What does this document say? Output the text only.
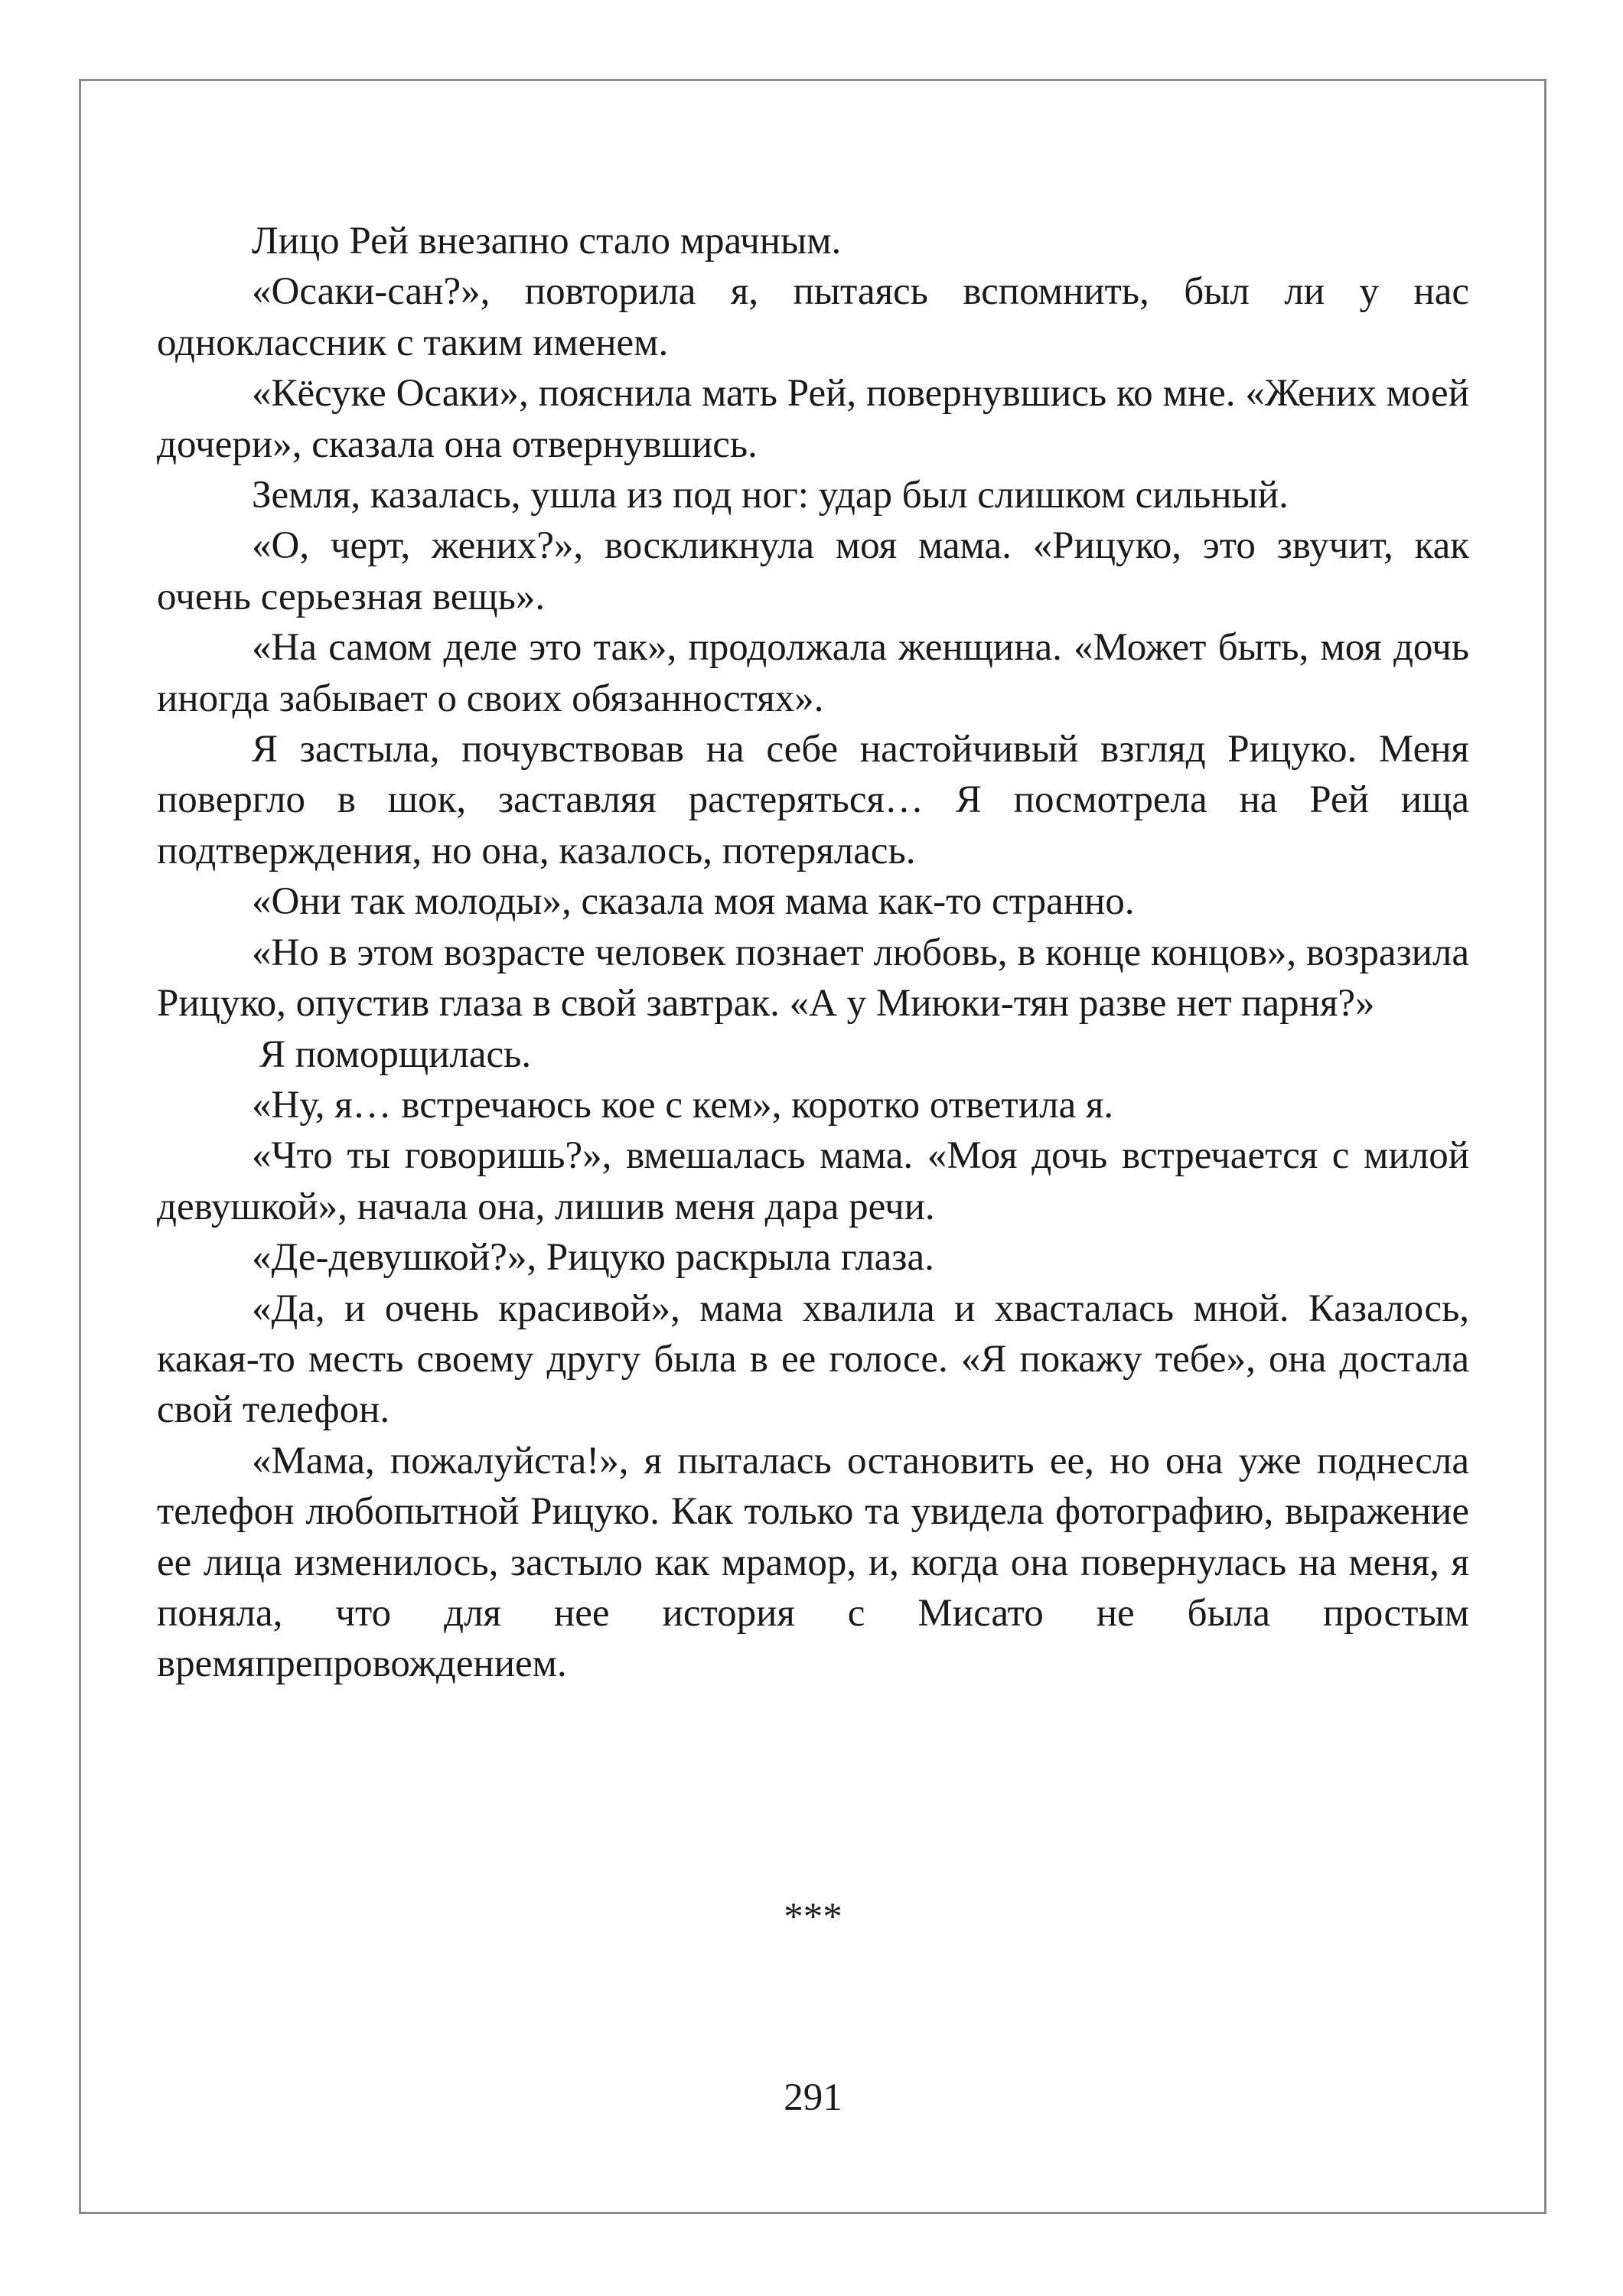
Лицо Рей внезапно стало мрачным.

«Осаки-сан?», повторила я, пытаясь вспомнить, был ли у нас одноклассник с таким именем.

«Кёсуке Осаки», пояснила мать Рей, повернувшись ко мне. «Жених моей дочери», сказала она отвернувшись.

Земля, казалась, ушла из под ног: удар был слишком сильный.

«О, черт, жених?», воскликнула моя мама. «Рицуко, это звучит, как очень серьезная вещь».

«На самом деле это так», продолжала женщина. «Может быть, моя дочь иногда забывает о своих обязанностях».

Я застыла, почувствовав на себе настойчивый взгляд Рицуко. Меня повергло в шок, заставляя растеряться… Я посмотрела на Рей ища подтверждения, но она, казалось, потерялась.

«Они так молоды», сказала моя мама как-то странно.

«Но в этом возрасте человек познает любовь, в конце концов», возразила Рицуко, опустив глаза в свой завтрак. «А у Миюки-тян разве нет парня?»

Я поморщилась.

«Ну, я… встречаюсь кое с кем», коротко ответила я.

«Что ты говоришь?», вмешалась мама. «Моя дочь встречается с милой девушкой», начала она, лишив меня дара речи.

«Де-девушкой?», Рицуко раскрыла глаза.

«Да, и очень красивой», мама хвалила и хвасталась мной. Казалось, какая-то месть своему другу была в ее голосе. «Я покажу тебе», она достала свой телефон.

«Мама, пожалуйста!», я пыталась остановить ее, но она уже поднесла телефон любопытной Рицуко. Как только та увидела фотографию, выражение ее лица изменилось, застыло как мрамор, и, когда она повернулась на меня, я поняла, что для нее история с Мисато не была простым времяпрепровождением.

***
291
